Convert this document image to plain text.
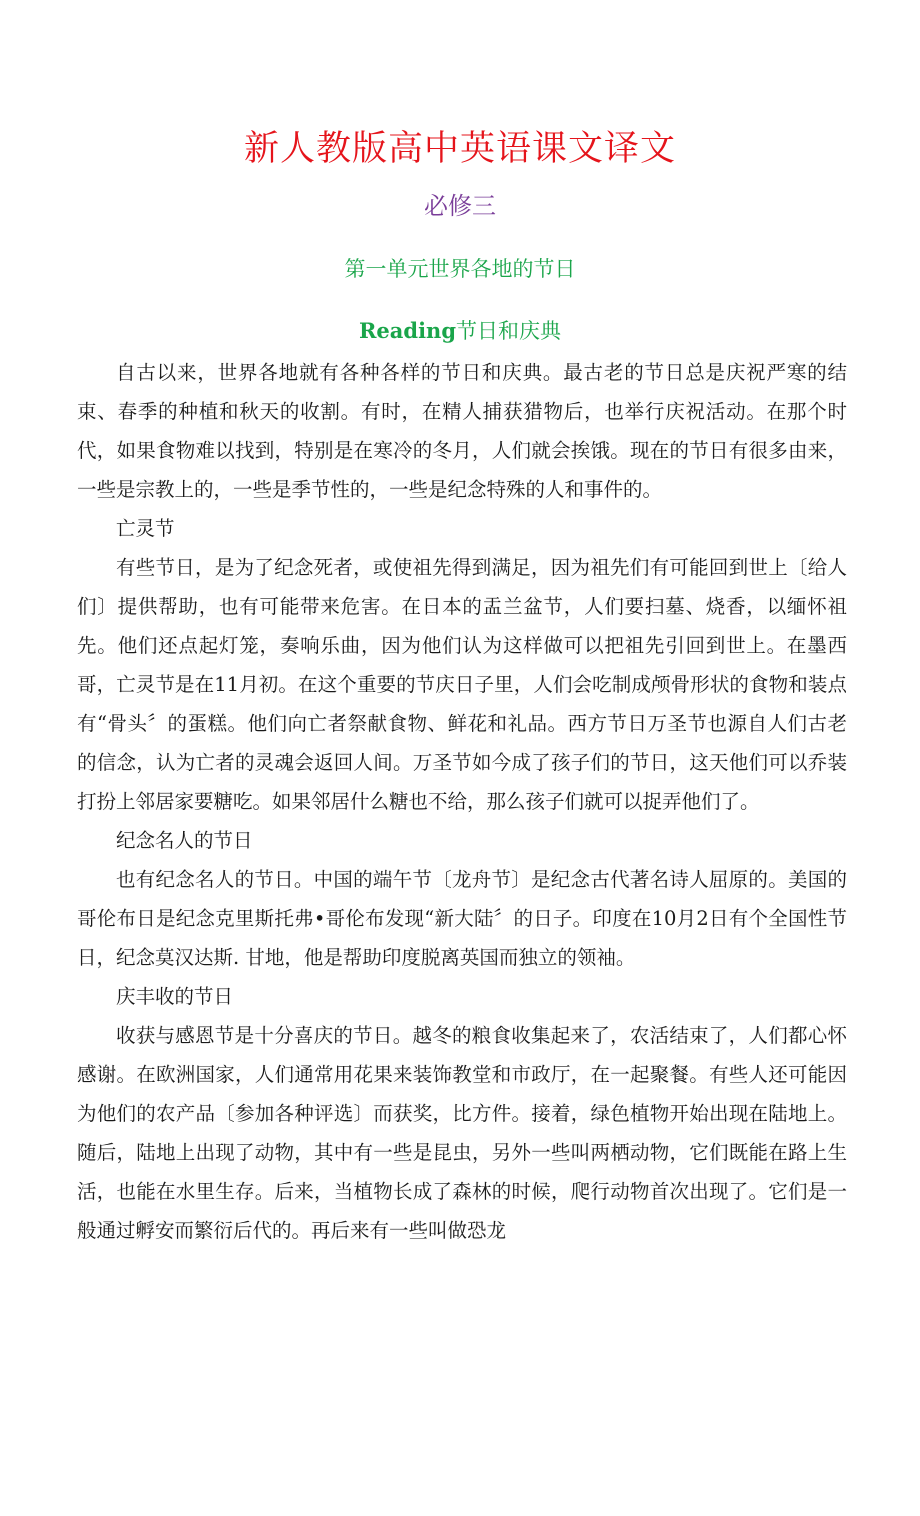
新人教版高中英语课文译文
必修三
第一单元世界各地的节日
Reading节日和庆典

自古以来，世界各地就有各种各样的节日和庆典。最古老的节日总是庆祝严寒的结束、春季的种植和秋天的收割。有时，在精人捕获猎物后，也举行庆祝活动。在那个时代，如果食物难以找到，特别是在寒冷的冬月，人们就会挨饿。现在的节日有很多由来，一些是宗教上的，一些是季节性的，一些是纪念特殊的人和事件的。

亡灵节

有些节日，是为了纪念死者，或使祖先得到满足，因为祖先们有可能回到世上〔给人们〕提供帮助，也有可能带来危害。在日本的盂兰盆节，人们要扫墓、烧香，以缅怀祖先。他们还点起灯笼，奏响乐曲，因为他们认为这样做可以把祖先引回到世上。在墨西哥，亡灵节是在11月初。在这个重要的节庆日子里，人们会吃制成颅骨形状的食物和装点有“骨头〞的蛋糕。他们向亡者祭献食物、鲜花和礼品。西方节日万圣节也源自人们古老的信念，认为亡者的灵魂会返回人间。万圣节如今成了孩子们的节日，这天他们可以乔装打扮上邻居家要糖吃。如果邻居什么糖也不给，那么孩子们就可以捉弄他们了。

纪念名人的节日

也有纪念名人的节日。中国的端午节〔龙舟节〕是纪念古代著名诗人屈原的。美国的哥伦布日是纪念克里斯托弗•哥伦布发现“新大陆〞的日子。印度在10月2日有个全国性节日，纪念莫汉达斯. 甘地，他是帮助印度脱离英国而独立的领袖。

庆丰收的节日

收获与感恩节是十分喜庆的节日。越冬的粮食收集起来了，农活结束了，人们都心怀感谢。在欧洲国家，人们通常用花果来装饰教堂和市政厅，在一起聚餐。有些人还可能因为他们的农产品〔参加各种评选〕而获奖，比方件。接着，绿色植物开始出现在陆地上。随后，陆地上出现了动物，其中有一些是昆虫，另外一些叫两栖动物，它们既能在路上生活，也能在水里生存。后来，当植物长成了森林的时候，爬行动物首次出现了。它们是一般通过孵安而繁衍后代的。再后来有一些叫做恐龙
